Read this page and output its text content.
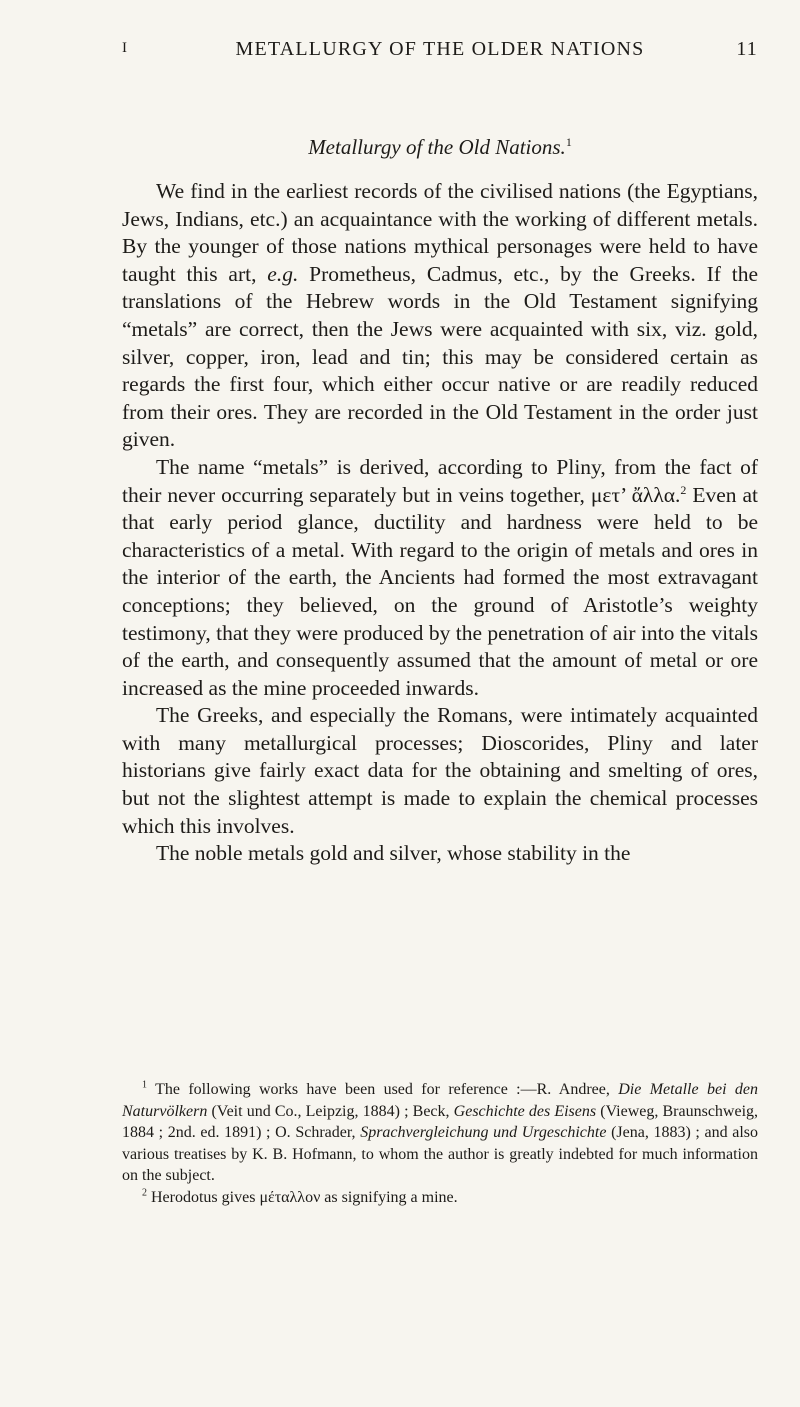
I	METALLURGY OF THE OLDER NATIONS	11
Metallurgy of the Old Nations.$^1$

We find in the earliest records of the civilised nations (the Egyptians, Jews, Indians, etc.) an acquaintance with the working of different metals. By the younger of those nations mythical personages were held to have taught this art, e.g. Prometheus, Cadmus, etc., by the Greeks. If the translations of the Hebrew words in the Old Testament signifying “metals” are correct, then the Jews were acquainted with six, viz. gold, silver, copper, iron, lead and tin; this may be considered certain as regards the first four, which either occur native or are readily reduced from their ores. They are recorded in the Old Testament in the order just given.

The name “metals” is derived, according to Pliny, from the fact of their never occurring separately but in veins together, μετ’ ἄλλα.$^2$ Even at that early period glance, ductility and hardness were held to be characteristics of a metal. With regard to the origin of metals and ores in the interior of the earth, the Ancients had formed the most extravagant conceptions; they believed, on the ground of Aristotle’s weighty testimony, that they were produced by the penetration of air into the vitals of the earth, and consequently assumed that the amount of metal or ore increased as the mine proceeded inwards.

The Greeks, and especially the Romans, were intimately acquainted with many metallurgical processes; Dioscorides, Pliny and later historians give fairly exact data for the obtaining and smelting of ores, but not the slightest attempt is made to explain the chemical processes which this involves.

The noble metals gold and silver, whose stability in the

$^1$ The following works have been used for reference :—R. Andree, Die Metalle bei den Naturvölkern (Veit und Co., Leipzig, 1884) ; Beck, Geschichte des Eisens (Vieweg, Braunschweig, 1884 ; 2nd. ed. 1891) ; O. Schrader, Sprachvergleichung und Urgeschichte (Jena, 1883) ; and also various treatises by K. B. Hofmann, to whom the author is greatly indebted for much information on the subject.

$^2$ Herodotus gives μέταλλον as signifying a mine.
